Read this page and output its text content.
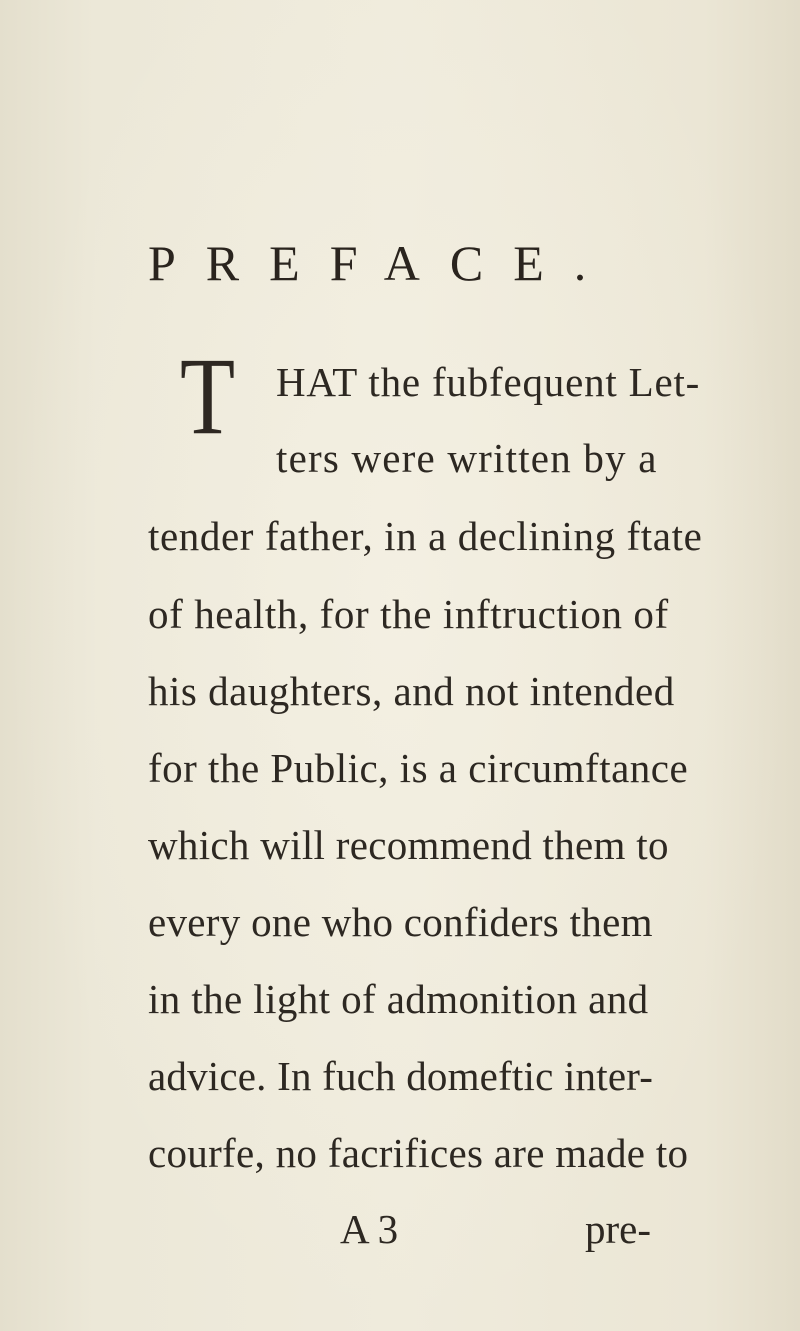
PREFACE.
T HAT the fubfequent Let-

ters were written by a

tender father, in a declining ftate

of health, for the inftruction of

his daughters, and not intended

for the Public, is a circumftance

which will recommend them to

every one who confiders them

in the light of admonition and

advice. In fuch domeftic inter-

courfe, no facrifices are made to

A 3	pre-
